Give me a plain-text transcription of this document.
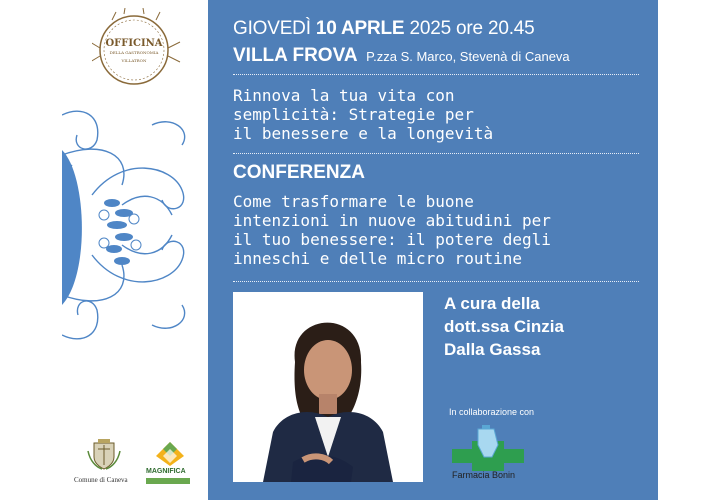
OFFICINA
DELLA GASTRONOMIA
VILLATRON
Comune di Caneva
MAGNIFICA
GIOVEDÌ 10 APRLE 2025 ore 20.45
VILLA FROVA P.zza S. Marco, Stevenà di Caneva
Rinnova la tua vita con
semplicità: Strategie per
il benessere e la longevità
CONFERENZA
Come trasformare le buone
intenzioni in nuove abitudini per
il tuo benessere: il potere degli
inneschi e delle micro routine
A cura della
dott.ssa Cinzia
Dalla Gassa
In collaborazione con
Farmacia Bonin
